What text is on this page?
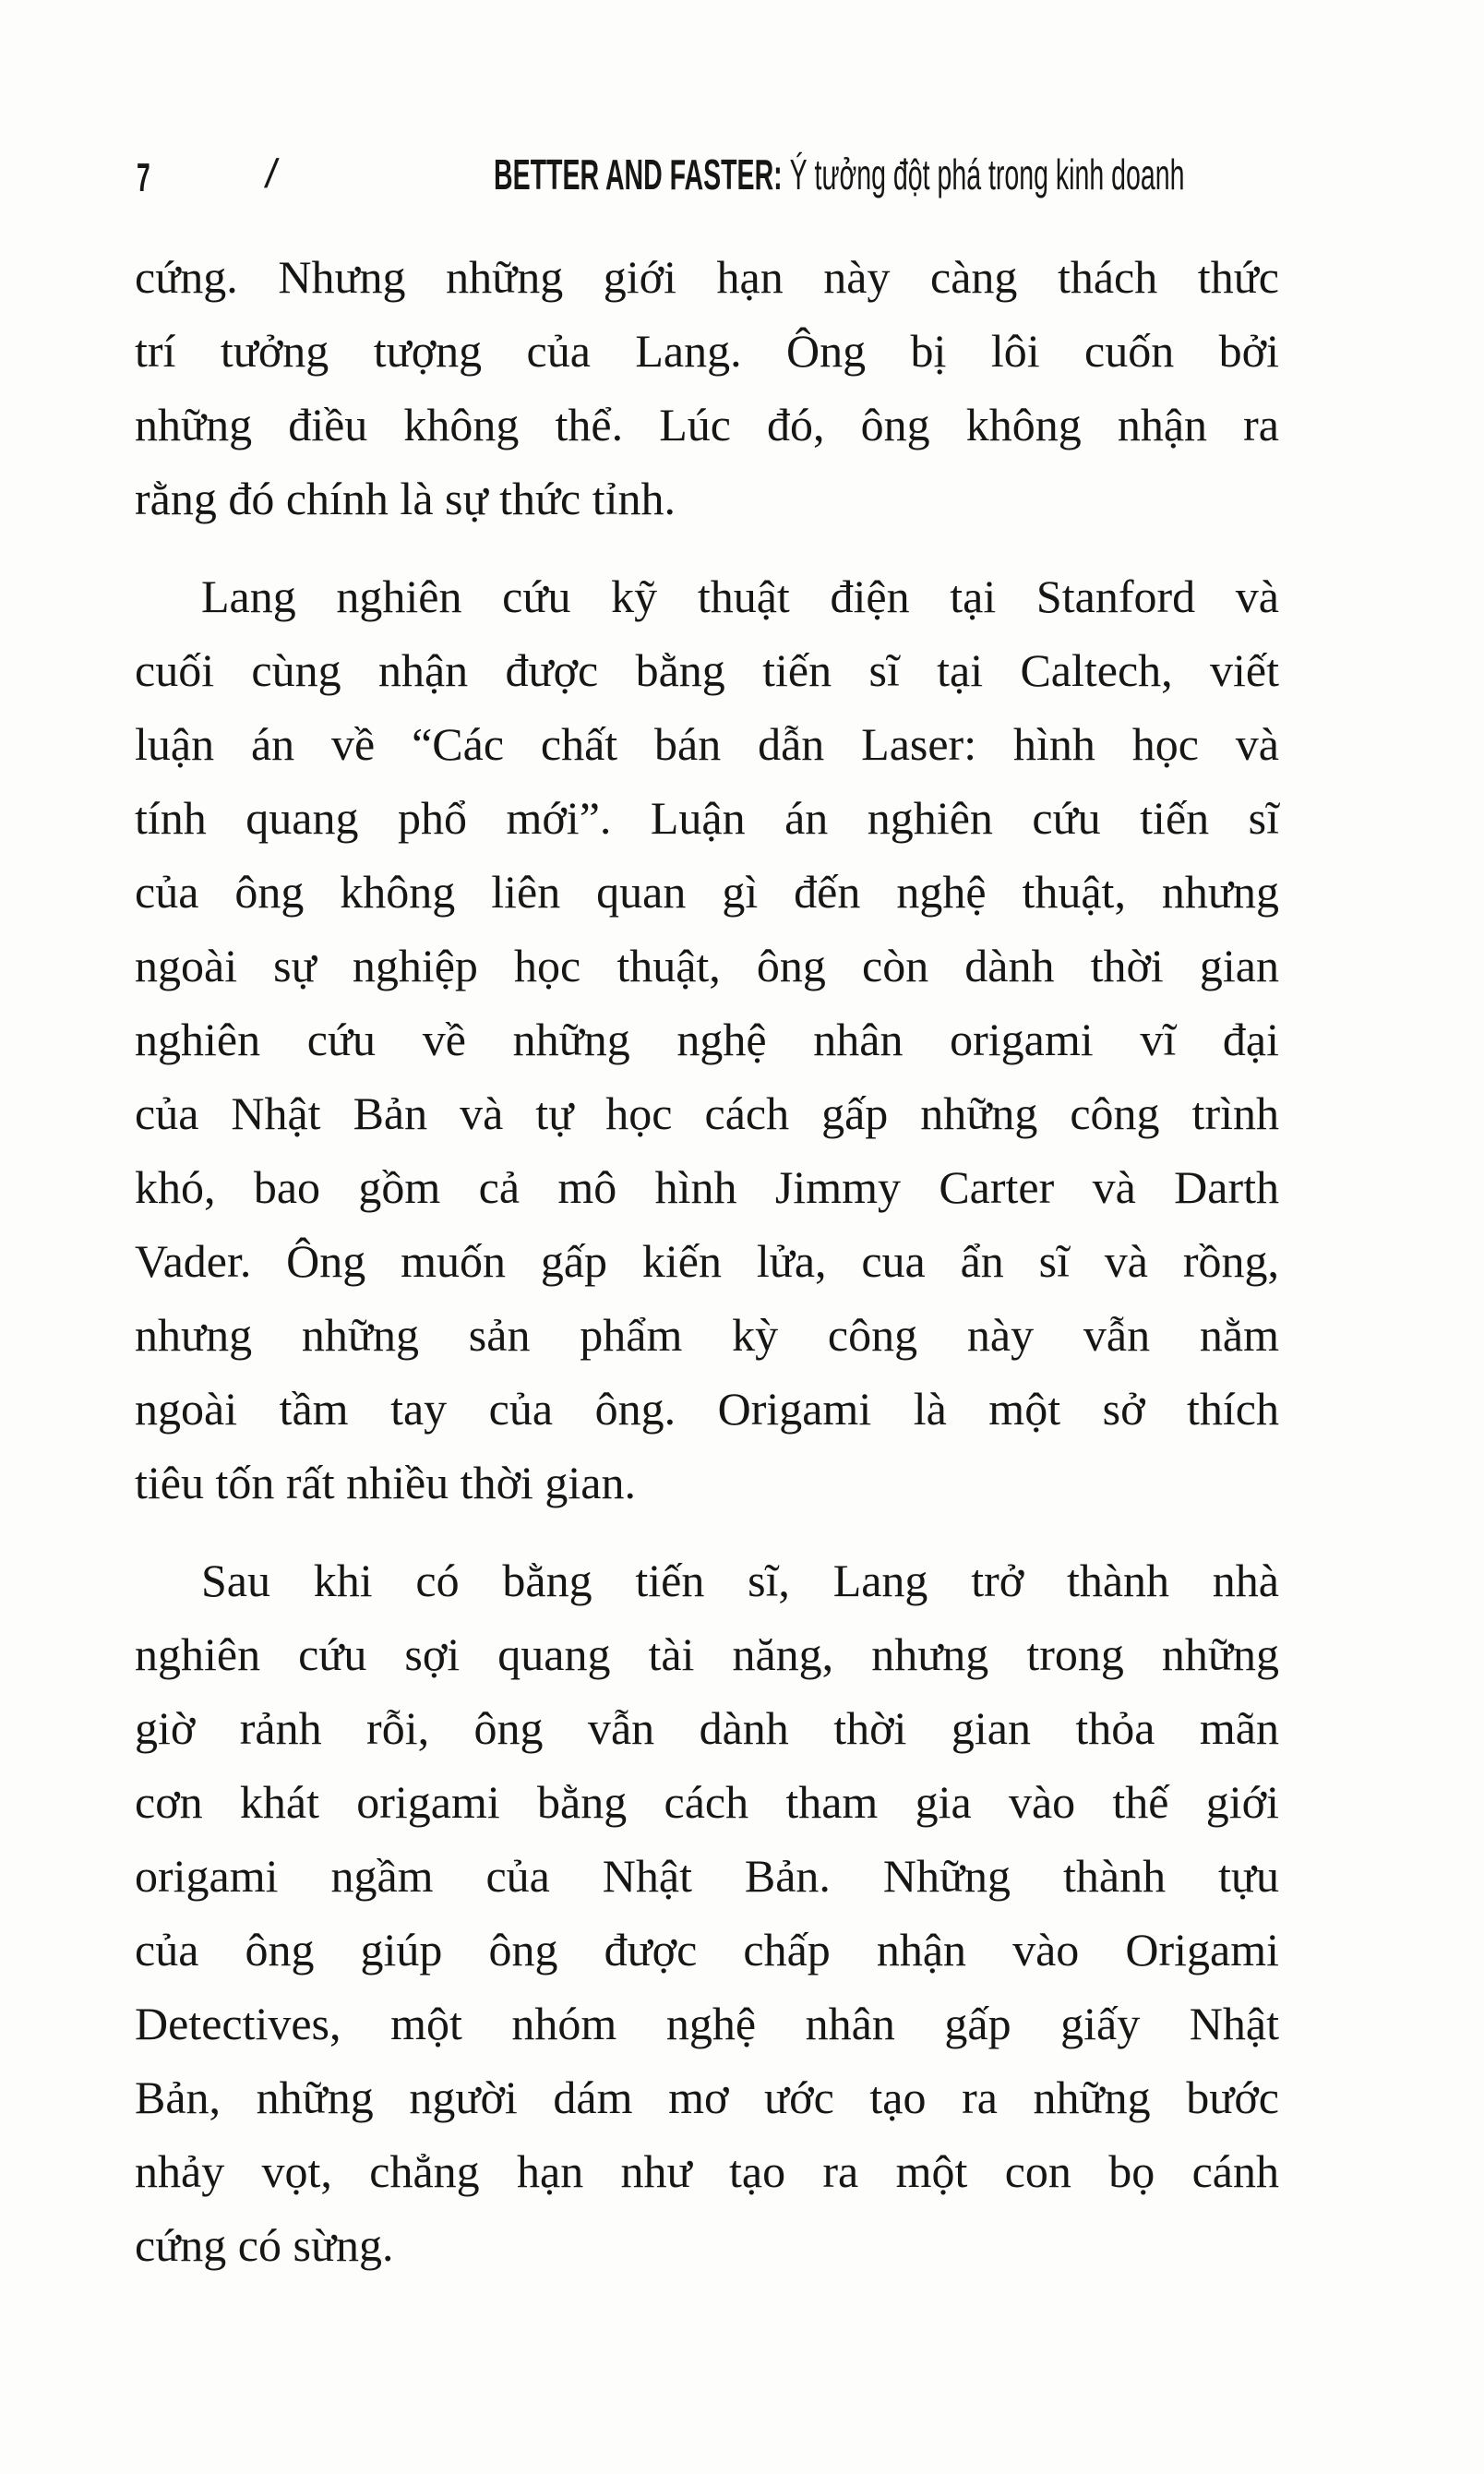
7	/	BETTER AND FASTER: Ý tưởng đột phá trong kinh doanh
cứng. Nhưng những giới hạn này càng thách thức
trí tưởng tượng của Lang. Ông bị lôi cuốn bởi
những điều không thể. Lúc đó, ông không nhận ra
rằng đó chính là sự thức tỉnh.
Lang nghiên cứu kỹ thuật điện tại Stanford và
cuối cùng nhận được bằng tiến sĩ tại Caltech, viết
luận án về “Các chất bán dẫn Laser: hình học và
tính quang phổ mới”. Luận án nghiên cứu tiến sĩ
của ông không liên quan gì đến nghệ thuật, nhưng
ngoài sự nghiệp học thuật, ông còn dành thời gian
nghiên cứu về những nghệ nhân origami vĩ đại
của Nhật Bản và tự học cách gấp những công trình
khó, bao gồm cả mô hình Jimmy Carter và Darth
Vader. Ông muốn gấp kiến lửa, cua ẩn sĩ và rồng,
nhưng những sản phẩm kỳ công này vẫn nằm
ngoài tầm tay của ông. Origami là một sở thích
tiêu tốn rất nhiều thời gian.
Sau khi có bằng tiến sĩ, Lang trở thành nhà
nghiên cứu sợi quang tài năng, nhưng trong những
giờ rảnh rỗi, ông vẫn dành thời gian thỏa mãn
cơn khát origami bằng cách tham gia vào thế giới
origami ngầm của Nhật Bản. Những thành tựu
của ông giúp ông được chấp nhận vào Origami
Detectives, một nhóm nghệ nhân gấp giấy Nhật
Bản, những người dám mơ ước tạo ra những bước
nhảy vọt, chẳng hạn như tạo ra một con bọ cánh
cứng có sừng.
